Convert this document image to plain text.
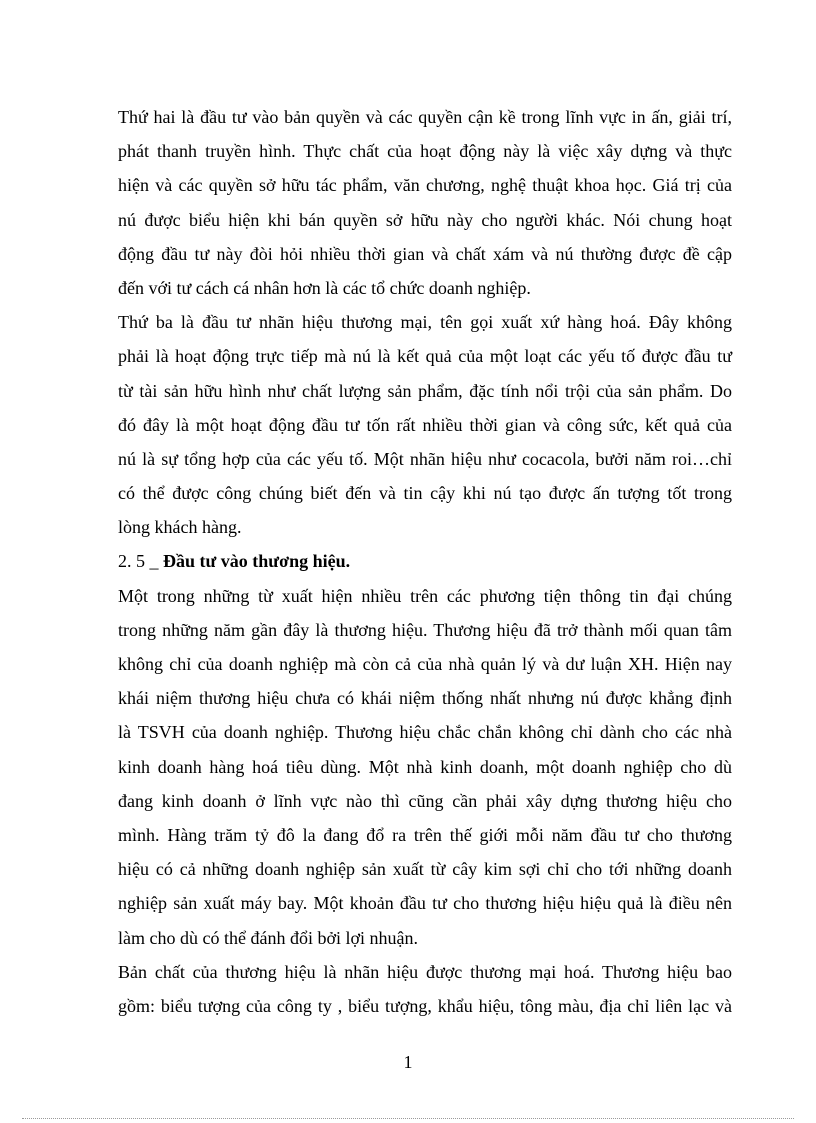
Thứ hai là đầu tư vào bản quyền và các quyền cận kề trong lĩnh vực in ấn, giải trí,
phát thanh truyền hình. Thực chất của hoạt động này là việc xây dựng và thực
hiện và các quyền sở hữu tác phẩm, văn chương, nghệ thuật khoa học. Giá trị của
nú được biểu hiện khi bán quyền sở hữu này cho người khác. Nói chung hoạt
động đầu tư này đòi hỏi nhiều thời gian và chất xám và nú thường được đề cập
đến với tư cách cá nhân hơn là các tổ chức doanh nghiệp.
Thứ ba là đầu tư nhãn hiệu thương mại, tên gọi xuất xứ hàng hoá. Đây không
phải là hoạt động trực tiếp mà nú là kết quả của một loạt các yếu tố được đầu tư
từ tài sản hữu hình như chất lượng sản phẩm, đặc tính nổi trội của sản phẩm. Do
đó đây là một hoạt động đầu tư tốn rất nhiều thời gian và công sức, kết quả của
nú là sự tổng hợp của các yếu tố. Một nhãn hiệu như cocacola, bưởi năm roi…chỉ
có thể được công chúng biết đến và tin cậy khi nú tạo được ấn tượng tốt trong
lòng khách hàng.
2. 5 _ Đầu tư vào thương hiệu.
Một trong những từ xuất hiện nhiều trên các phương tiện thông tin đại chúng
trong những năm gần đây là thương hiệu. Thương hiệu đã trở thành mối quan tâm
không chỉ của doanh nghiệp mà còn cả của nhà quản lý và dư luận XH. Hiện nay
khái niệm thương hiệu chưa có khái niệm thống nhất nhưng nú được khẳng định
là TSVH của doanh nghiệp. Thương hiệu chắc chắn không chỉ dành cho các nhà
kinh doanh hàng hoá tiêu dùng. Một nhà kinh doanh, một doanh nghiệp cho dù
đang kinh doanh ở lĩnh vực nào thì cũng cần phải xây dựng thương hiệu cho
mình. Hàng trăm tỷ đô la đang đổ ra trên thế giới mỗi năm đầu tư cho thương
hiệu có cả những doanh nghiệp sản xuất từ cây kim sợi chỉ cho tới những doanh
nghiệp sản xuất máy bay. Một khoản đầu tư cho thương hiệu hiệu quả là điều nên
làm cho dù có thể đánh đổi bởi lợi nhuận.
Bản chất của thương hiệu là nhãn hiệu được thương mại hoá. Thương hiệu bao
gồm: biểu tượng của công ty , biểu tượng, khẩu hiệu, tông màu, địa chỉ liên lạc và
1
